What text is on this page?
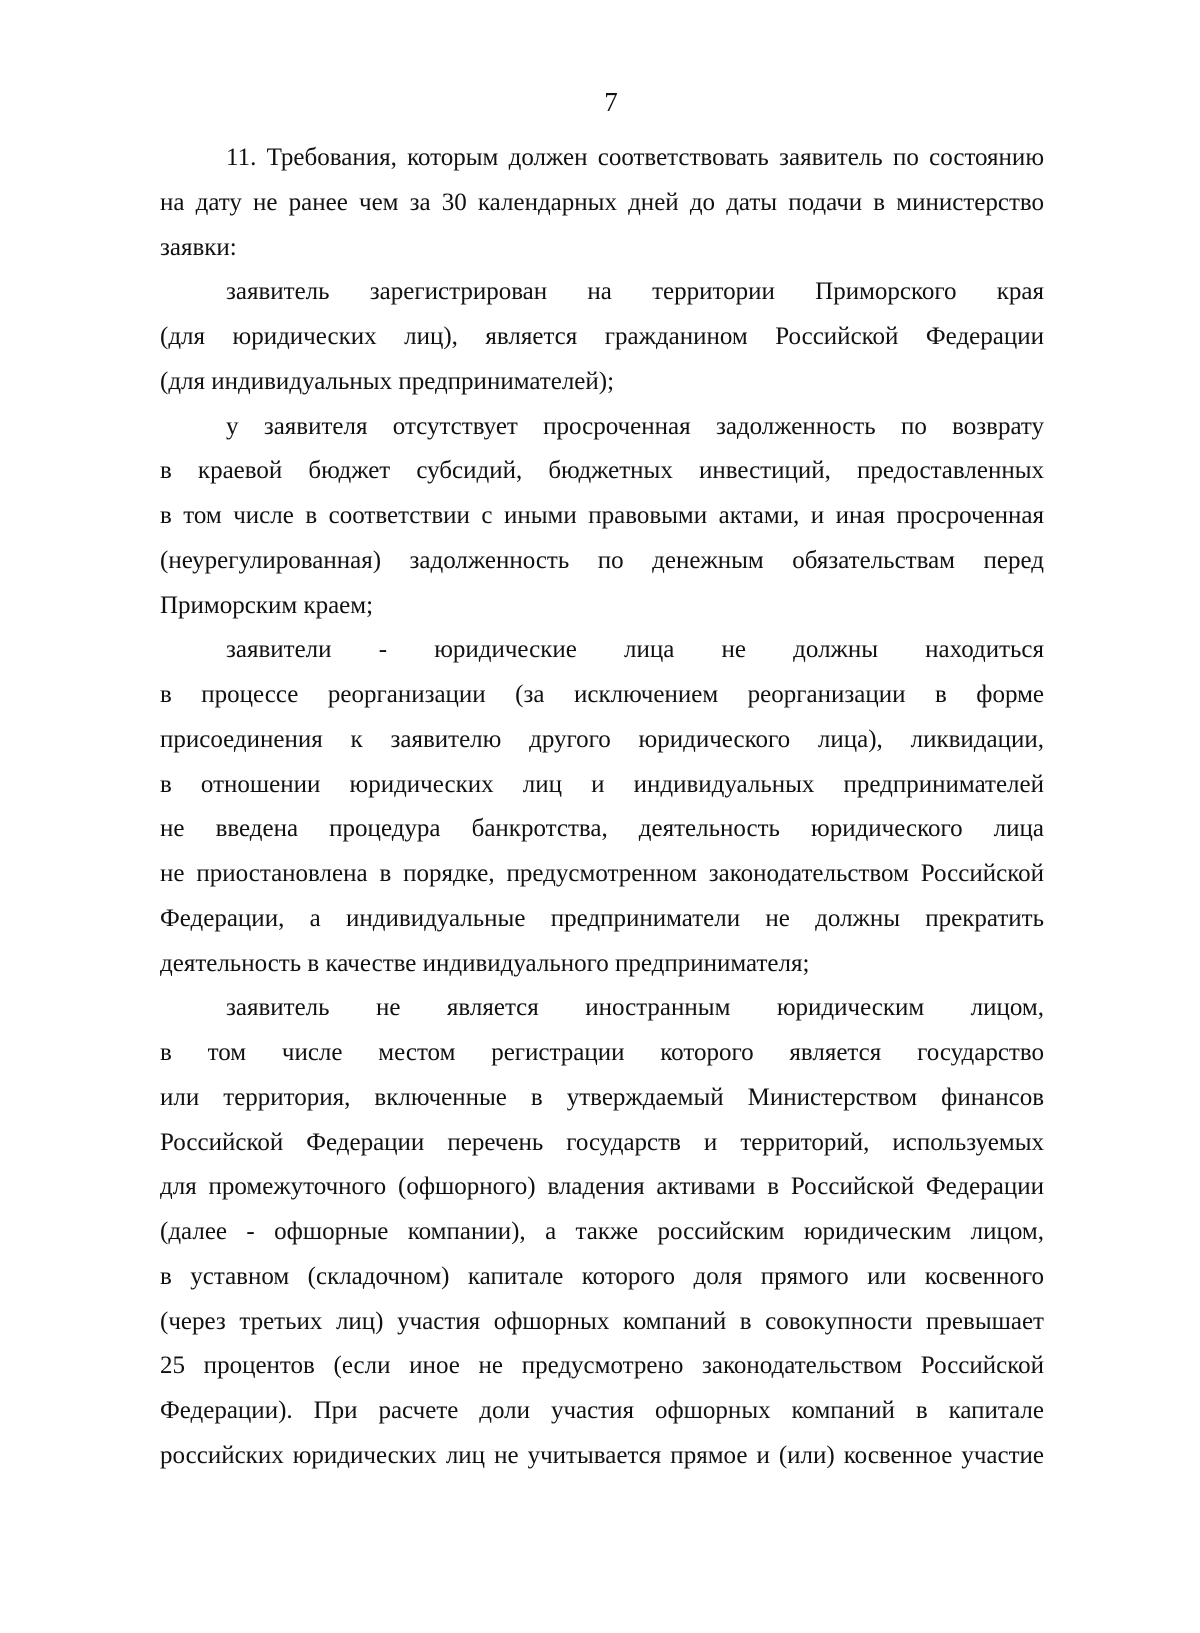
7
11. Требования, которым должен соответствовать заявитель по состоянию
на дату не ранее чем за 30 календарных дней до даты подачи в министерство
заявки:
заявитель зарегистрирован на территории Приморского края
(для юридических лиц), является гражданином Российской Федерации
(для индивидуальных предпринимателей);
у заявителя отсутствует просроченная задолженность по возврату
в краевой бюджет субсидий, бюджетных инвестиций, предоставленных
в том числе в соответствии с иными правовыми актами, и иная просроченная
(неурегулированная) задолженность по денежным обязательствам перед
Приморским краем;
заявители - юридические лица не должны находиться
в процессе реорганизации (за исключением реорганизации в форме
присоединения к заявителю другого юридического лица), ликвидации,
в отношении юридических лиц и индивидуальных предпринимателей
не введена процедура банкротства, деятельность юридического лица
не приостановлена в порядке, предусмотренном законодательством Российской
Федерации, а индивидуальные предприниматели не должны прекратить
деятельность в качестве индивидуального предпринимателя;
заявитель не является иностранным юридическим лицом,
в том числе местом регистрации которого является государство
или территория, включенные в утверждаемый Министерством финансов
Российской Федерации перечень государств и территорий, используемых
для промежуточного (офшорного) владения активами в Российской Федерации
(далее - офшорные компании), а также российским юридическим лицом,
в уставном (складочном) капитале которого доля прямого или косвенного
(через третьих лиц) участия офшорных компаний в совокупности превышает
25 процентов (если иное не предусмотрено законодательством Российской
Федерации). При расчете доли участия офшорных компаний в капитале
российских юридических лиц не учитывается прямое и (или) косвенное участие
